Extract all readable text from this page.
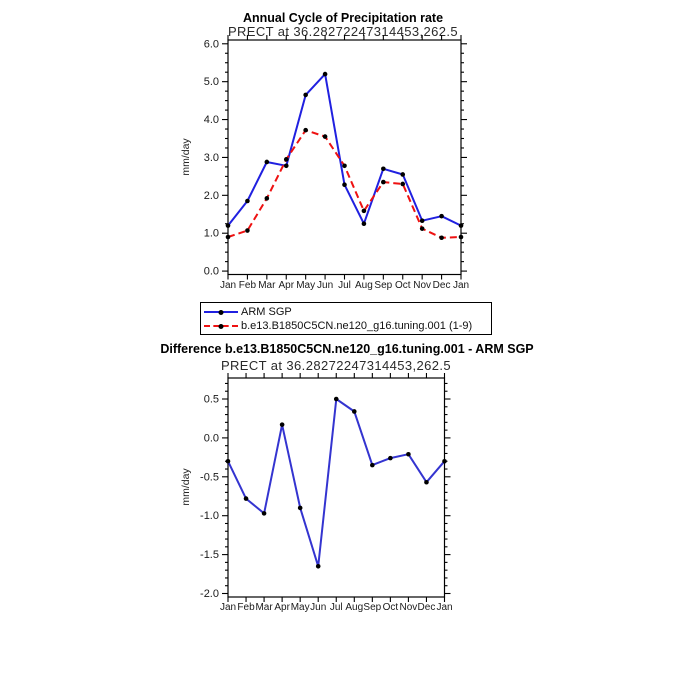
Annual Cycle of Precipitation rate
PRECT at 36.28272247314453,262.5
mm/day
0.0
1.0
2.0
3.0
4.0
5.0
6.0
Jan Feb Mar Apr May Jun Jul Aug Sep Oct Nov Dec Jan
-2.0
-1.5
-1.0
-0.5
0.0
0.5
Jan Feb Mar Apr May Jun Jul Aug Sep Oct Nov Dec Jan
ARM SGP
b.e13.B1850C5CN.ne120_g16.tuning.001 (1-9)
Difference b.e13.B1850C5CN.ne120_g16.tuning.001 - ARM SGP
PRECT at 36.28272247314453,262.5
mm/day
